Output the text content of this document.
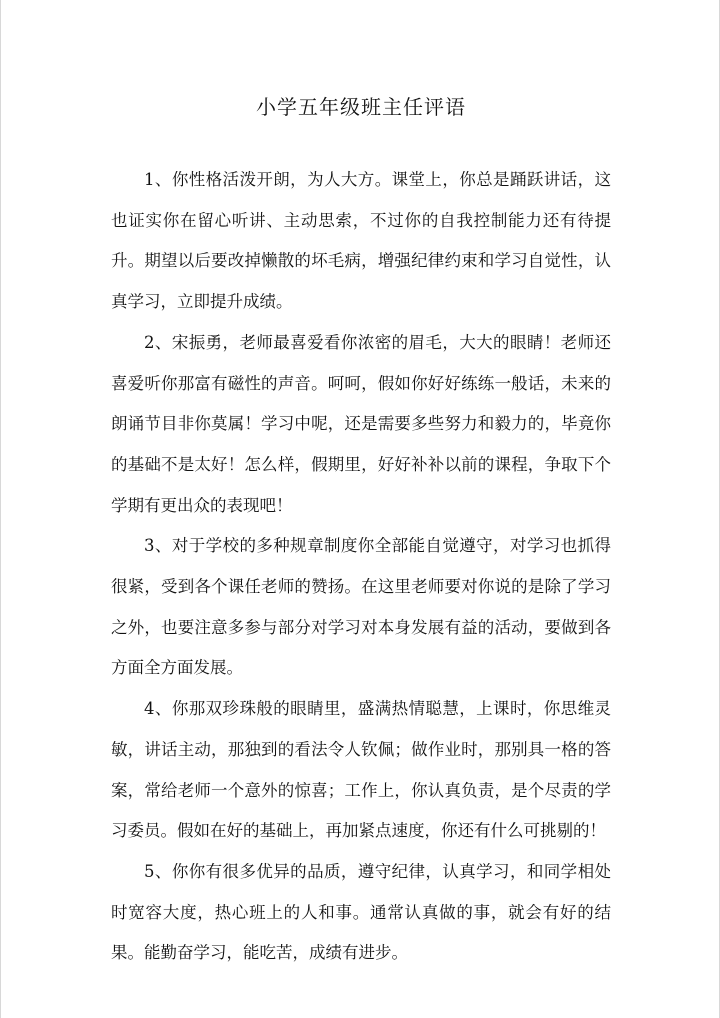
小学五年级班主任评语

1、你性格活泼开朗，为人大方。课堂上，你总是踊跃讲话，这也证实你在留心听讲、主动思索，不过你的自我控制能力还有待提升。期望以后要改掉懒散的坏毛病，增强纪律约束和学习自觉性，认真学习，立即提升成绩。

2、宋振勇，老师最喜爱看你浓密的眉毛，大大的眼睛！老师还喜爱听你那富有磁性的声音。呵呵，假如你好好练练一般话，未来的朗诵节目非你莫属！学习中呢，还是需要多些努力和毅力的，毕竟你的基础不是太好！怎么样，假期里，好好补补以前的课程，争取下个学期有更出众的表现吧！

3、对于学校的多种规章制度你全部能自觉遵守，对学习也抓得很紧，受到各个课任老师的赞扬。在这里老师要对你说的是除了学习之外，也要注意多参与部分对学习对本身发展有益的活动，要做到各方面全方面发展。

4、你那双珍珠般的眼睛里，盛满热情聪慧，上课时，你思维灵敏，讲话主动，那独到的看法令人钦佩；做作业时，那别具一格的答案，常给老师一个意外的惊喜；工作上，你认真负责，是个尽责的学习委员。假如在好的基础上，再加紧点速度，你还有什么可挑剔的！

5、你你有很多优异的品质，遵守纪律，认真学习，和同学相处时宽容大度，热心班上的人和事。通常认真做的事，就会有好的结果。能勤奋学习，能吃苦，成绩有进步。
